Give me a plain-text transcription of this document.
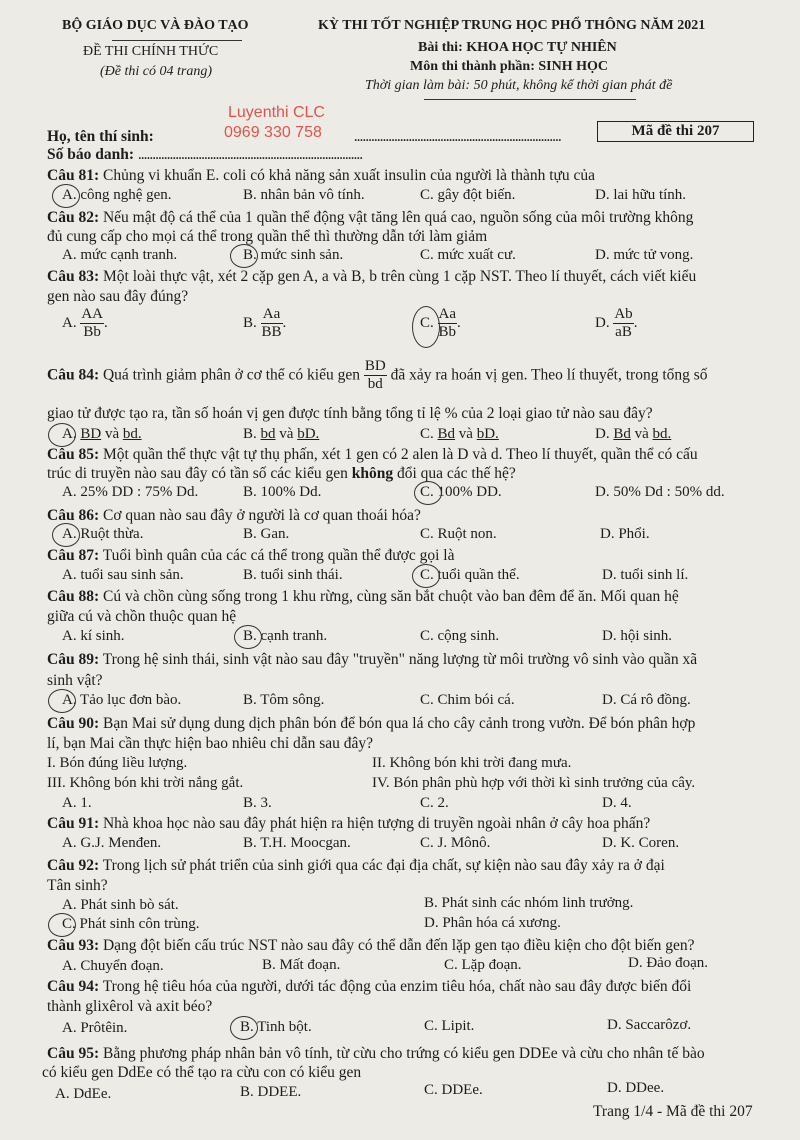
BỘ GIÁO DỤC VÀ ĐÀO TẠO
ĐỀ THI CHÍNH THỨC
(Đề thi có 04 trang)
KỲ THI TỐT NGHIỆP TRUNG HỌC PHỔ THÔNG NĂM 2021
Bài thi: KHOA HỌC TỰ NHIÊN
Môn thi thành phần: SINH HỌC
Thời gian làm bài: 50 phút, không kể thời gian phát đề
Luyenthi CLC
0969 330 758
Họ, tên thí sinh:	........................................................................
Số báo danh: ..............................................................................
Mã đề thi 207
Câu 81: Chủng vi khuẩn E. coli có khả năng sản xuất insulin của người là thành tựu của
A. công nghệ gen.	B. nhân bản vô tính.	C. gây đột biến.	D. lai hữu tính.
Câu 82: Nếu mật độ cá thể của 1 quần thể động vật tăng lên quá cao, nguồn sống của môi trường không
đủ cung cấp cho mọi cá thể trong quần thể thì thường dẫn tới làm giảm
A. mức cạnh tranh.	B. mức sinh sản.	C. mức xuất cư.	D. mức tử vong.
Câu 83: Một loài thực vật, xét 2 cặp gen A, a và B, b trên cùng 1 cặp NST. Theo lí thuyết, cách viết kiểu
gen nào sau đây đúng?
A. $\frac{AA}{Bb}$ .	B. $\frac{Aa}{BB}$ .	C. $\frac{Aa}{Bb}$ .	D. $\frac{Ab}{aB}$ .
Câu 84: Quá trình giảm phân ở cơ thể có kiểu gen $\frac{BD}{bd}$ đã xảy ra hoán vị gen. Theo lí thuyết, trong tổng số
giao tử được tạo ra, tần số hoán vị gen được tính bằng tổng tỉ lệ % của 2 loại giao tử nào sau đây?
A. BD và bd.	B. bd và bD.	C. Bd và bD.	D. Bd và bd.
Câu 85: Một quần thể thực vật tự thụ phấn, xét 1 gen có 2 alen là D và d. Theo lí thuyết, quần thể có cấu
trúc di truyền nào sau đây có tần số các kiểu gen không đổi qua các thế hệ?
A. 25% DD : 75% Dd.	B. 100% Dd.	C. 100% DD.	D. 50% Dd : 50% dd.
Câu 86: Cơ quan nào sau đây ở người là cơ quan thoái hóa?
A. Ruột thừa.	B. Gan.	C. Ruột non.	D. Phổi.
Câu 87: Tuổi bình quân của các cá thể trong quần thể được gọi là
A. tuổi sau sinh sản.	B. tuổi sinh thái.	C. tuổi quần thể.	D. tuổi sinh lí.
Câu 88: Cú và chồn cùng sống trong 1 khu rừng, cùng săn bắt chuột vào ban đêm để ăn. Mối quan hệ
giữa cú và chồn thuộc quan hệ
A. kí sinh.	B. cạnh tranh.	C. cộng sinh.	D. hội sinh.
Câu 89: Trong hệ sinh thái, sinh vật nào sau đây "truyền" năng lượng từ môi trường vô sinh vào quần xã
sinh vật?
A. Tảo lục đơn bào.	B. Tôm sông.	C. Chim bói cá.	D. Cá rô đồng.
Câu 90: Bạn Mai sử dụng dung dịch phân bón để bón qua lá cho cây cảnh trong vườn. Để bón phân hợp
lí, bạn Mai cần thực hiện bao nhiêu chỉ dẫn sau đây?
I. Bón đúng liều lượng.	II. Không bón khi trời đang mưa.
III. Không bón khi trời nắng gắt.	IV. Bón phân phù hợp với thời kì sinh trưởng của cây.
A. 1.	B. 3.	C. 2.	D. 4.
Câu 91: Nhà khoa học nào sau đây phát hiện ra hiện tượng di truyền ngoài nhân ở cây hoa phấn?
A. G.J. Menđen.	B. T.H. Moocgan.	C. J. Mônô.	D. K. Coren.
Câu 92: Trong lịch sử phát triển của sinh giới qua các đại địa chất, sự kiện nào sau đây xảy ra ở đại
Tân sinh?
A. Phát sinh bò sát.	B. Phát sinh các nhóm linh trưởng.
C. Phát sinh côn trùng.	D. Phân hóa cá xương.
Câu 93: Dạng đột biến cấu trúc NST nào sau đây có thể dẫn đến lặp gen tạo điều kiện cho đột biến gen?
A. Chuyển đoạn.	B. Mất đoạn.	C. Lặp đoạn.	D. Đảo đoạn.
Câu 94: Trong hệ tiêu hóa của người, dưới tác động của enzim tiêu hóa, chất nào sau đây được biến đổi
thành glixêrol và axit béo?
A. Prôtêin.	B. Tinh bột.	C. Lipit.	D. Saccarôzơ.
Câu 95: Bằng phương pháp nhân bản vô tính, từ cừu cho trứng có kiểu gen DDEe và cừu cho nhân tế bào
có kiểu gen DdEe có thể tạo ra cừu con có kiểu gen
A. DdEe.	B. DDEE.	C. DDEe.	D. DDee.
Trang 1/4 - Mã đề thi 207
